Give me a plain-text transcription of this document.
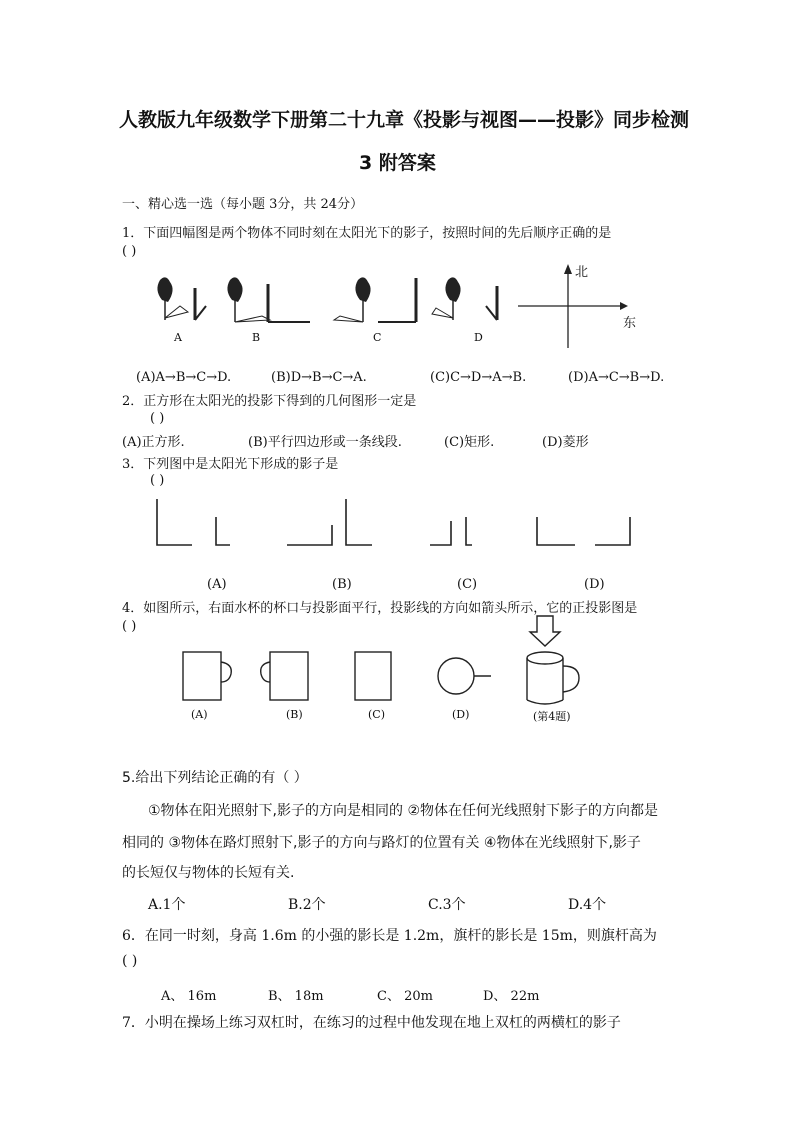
人教版九年级数学下册第二十九章《投影与视图——投影》同步检测
3 附答案
一、精心选一选（每小题 3分，共 24分）
1．下面四幅图是两个物体不同时刻在太阳光下的影子，按照时间的先后顺序正确的是
( )
A	B	C	D
北
东
(A)A→B→C→D.	(B)D→B→C→A.	(C)C→D→A→B.	(D)A→C→B→D.
2．正方形在太阳光的投影下得到的几何图形一定是
( )
(A)正方形.	(B)平行四边形或一条线段.	(C)矩形.	(D)菱形
3．下列图中是太阳光下形成的影子是
( )
(A)	(B)	(C)	(D)
4．如图所示，右面水杯的杯口与投影面平行，投影线的方向如箭头所示，它的正投影图是
( )
(A)	(B)	(C)	(D)	(第4题)
5.给出下列结论正确的有（ ）
①物体在阳光照射下,影子的方向是相同的 ②物体在任何光线照射下影子的方向都是
相同的 ③物体在路灯照射下,影子的方向与路灯的位置有关 ④物体在光线照射下,影子
的长短仅与物体的长短有关.
A.1个	B.2个	C.3个	D.4个
6．在同一时刻，身高 1.6m 的小强的影长是 1.2m，旗杆的影长是 15m，则旗杆高为
( )
A、 16m	B、 18m	C、 20m	D、 22m
7．小明在操场上练习双杠时，在练习的过程中他发现在地上双杠的两横杠的影子
